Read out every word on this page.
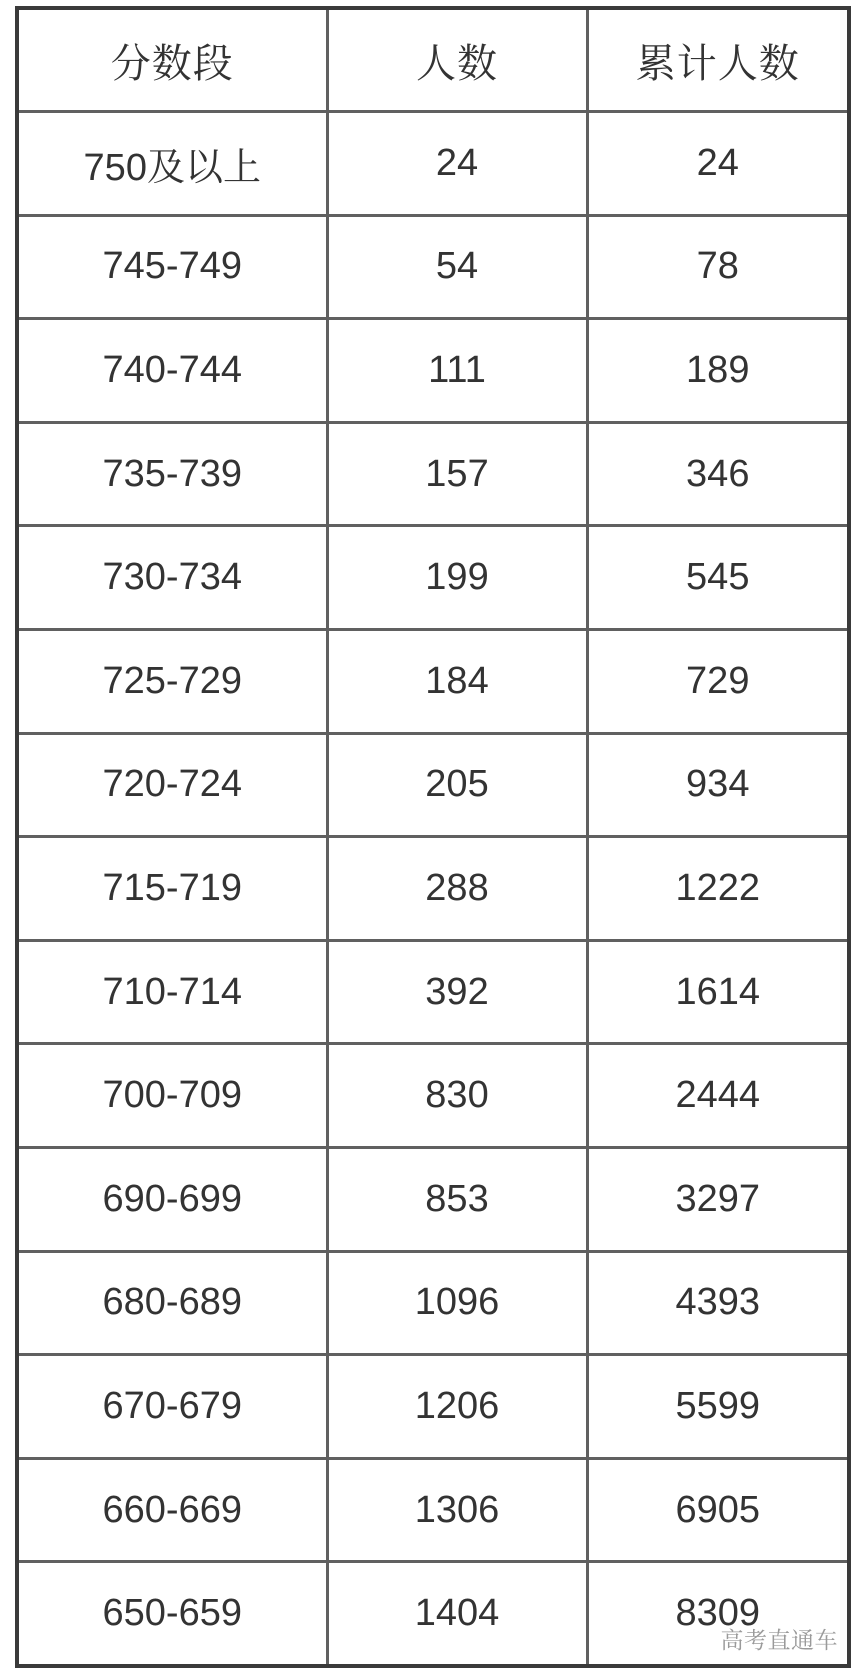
分数段	人数	累计人数
750及以上	24	24
745-749	54	78
740-744	111	189
735-739	157	346
730-734	199	545
725-729	184	729
720-724	205	934
715-719	288	1222
710-714	392	1614
700-709	830	2444
690-699	853	3297
680-689	1096	4393
670-679	1206	5599
660-669	1306	6905
650-659	1404	8309
高考直通车
